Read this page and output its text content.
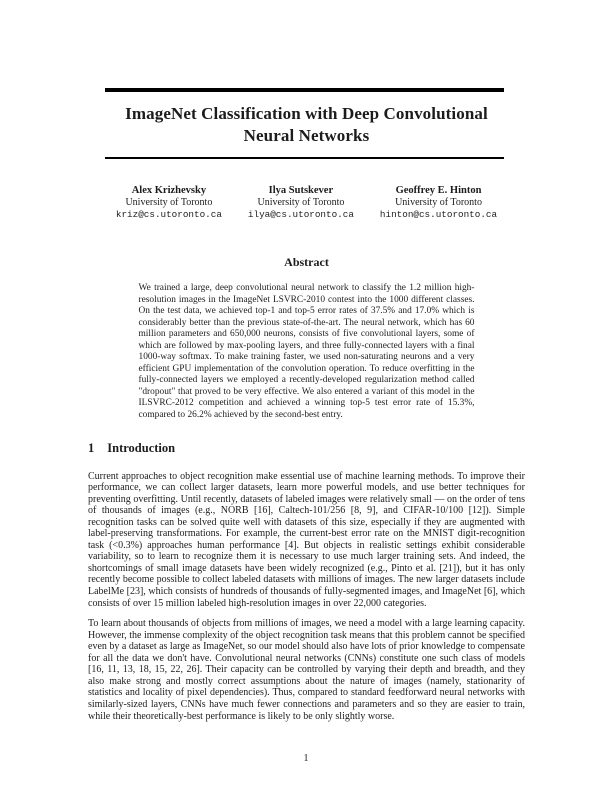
ImageNet Classification with Deep Convolutional
Neural Networks
Alex Krizhevsky
University of Toronto
kriz@cs.utoronto.ca
Ilya Sutskever
University of Toronto
ilya@cs.utoronto.ca
Geoffrey E. Hinton
University of Toronto
hinton@cs.utoronto.ca
Abstract

We trained a large, deep convolutional neural network to classify the 1.2 million high-resolution images in the ImageNet LSVRC-2010 contest into the 1000 different classes. On the test data, we achieved top-1 and top-5 error rates of 37.5% and 17.0% which is considerably better than the previous state-of-the-art. The neural network, which has 60 million parameters and 650,000 neurons, consists of five convolutional layers, some of which are followed by max-pooling layers, and three fully-connected layers with a final 1000-way softmax. To make training faster, we used non-saturating neurons and a very efficient GPU implementation of the convolution operation. To reduce overfitting in the fully-connected layers we employed a recently-developed regularization method called "dropout" that proved to be very effective. We also entered a variant of this model in the ILSVRC-2012 competition and achieved a winning top-5 test error rate of 15.3%, compared to 26.2% achieved by the second-best entry.

1 Introduction

Current approaches to object recognition make essential use of machine learning methods. To improve their performance, we can collect larger datasets, learn more powerful models, and use better techniques for preventing overfitting. Until recently, datasets of labeled images were relatively small — on the order of tens of thousands of images (e.g., NORB [16], Caltech-101/256 [8, 9], and CIFAR-10/100 [12]). Simple recognition tasks can be solved quite well with datasets of this size, especially if they are augmented with label-preserving transformations. For example, the current-best error rate on the MNIST digit-recognition task (<0.3%) approaches human performance [4]. But objects in realistic settings exhibit considerable variability, so to learn to recognize them it is necessary to use much larger training sets. And indeed, the shortcomings of small image datasets have been widely recognized (e.g., Pinto et al. [21]), but it has only recently become possible to collect labeled datasets with millions of images. The new larger datasets include LabelMe [23], which consists of hundreds of thousands of fully-segmented images, and ImageNet [6], which consists of over 15 million labeled high-resolution images in over 22,000 categories.

To learn about thousands of objects from millions of images, we need a model with a large learning capacity. However, the immense complexity of the object recognition task means that this problem cannot be specified even by a dataset as large as ImageNet, so our model should also have lots of prior knowledge to compensate for all the data we don't have. Convolutional neural networks (CNNs) constitute one such class of models [16, 11, 13, 18, 15, 22, 26]. Their capacity can be controlled by varying their depth and breadth, and they also make strong and mostly correct assumptions about the nature of images (namely, stationarity of statistics and locality of pixel dependencies). Thus, compared to standard feedforward neural networks with similarly-sized layers, CNNs have much fewer connections and parameters and so they are easier to train, while their theoretically-best performance is likely to be only slightly worse.

1
